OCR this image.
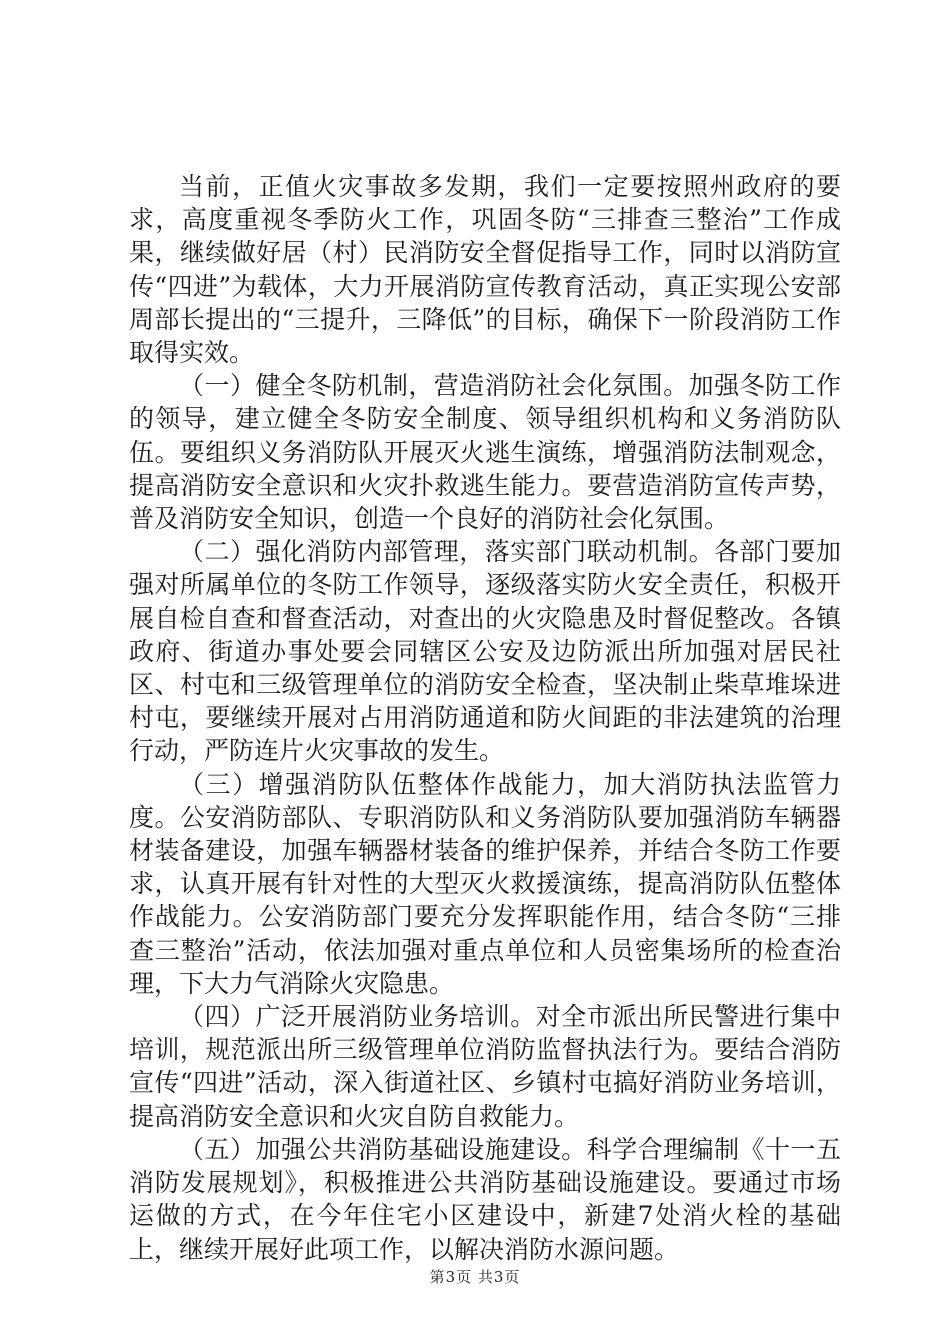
当前，正值火灾事故多发期，我们一定要按照州政府的要求，高度重视冬季防火工作，巩固冬防“三排查三整治”工作成果，继续做好居（村）民消防安全督促指导工作，同时以消防宣传“四进”为载体，大力开展消防宣传教育活动，真正实现公安部周部长提出的“三提升，三降低”的目标，确保下一阶段消防工作取得实效。

（一）健全冬防机制，营造消防社会化氛围。加强冬防工作的领导，建立健全冬防安全制度、领导组织机构和义务消防队伍。要组织义务消防队开展灭火逃生演练，增强消防法制观念，提高消防安全意识和火灾扑救逃生能力。要营造消防宣传声势，普及消防安全知识，创造一个良好的消防社会化氛围。

（二）强化消防内部管理，落实部门联动机制。各部门要加强对所属单位的冬防工作领导，逐级落实防火安全责任，积极开展自检自查和督查活动，对查出的火灾隐患及时督促整改。各镇政府、街道办事处要会同辖区公安及边防派出所加强对居民社区、村屯和三级管理单位的消防安全检查，坚决制止柴草堆垛进村屯，要继续开展对占用消防通道和防火间距的非法建筑的治理行动，严防连片火灾事故的发生。

（三）增强消防队伍整体作战能力，加大消防执法监管力度。公安消防部队、专职消防队和义务消防队要加强消防车辆器材装备建设，加强车辆器材装备的维护保养，并结合冬防工作要求，认真开展有针对性的大型灭火救援演练，提高消防队伍整体作战能力。公安消防部门要充分发挥职能作用，结合冬防“三排查三整治”活动，依法加强对重点单位和人员密集场所的检查治理，下大力气消除火灾隐患。

（四）广泛开展消防业务培训。对全市派出所民警进行集中培训，规范派出所三级管理单位消防监督执法行为。要结合消防宣传“四进”活动，深入街道社区、乡镇村屯搞好消防业务培训，提高消防安全意识和火灾自防自救能力。

（五）加强公共消防基础设施建设。科学合理编制《十一五消防发展规划》，积极推进公共消防基础设施建设。要通过市场运做的方式，在今年住宅小区建设中，新建7处消火栓的基础上，继续开展好此项工作，以解决消防水源问题。

第3页 共3页
